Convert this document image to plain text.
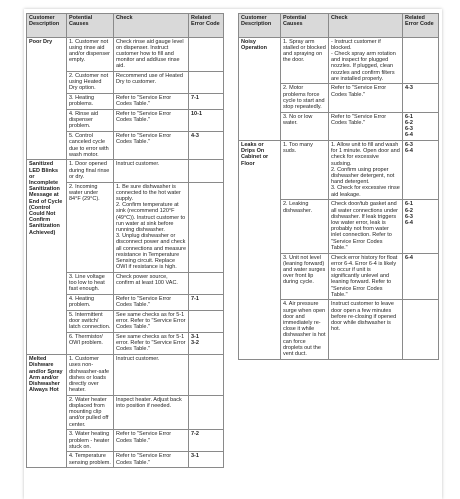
Customer Description	Potential Causes	Check	Related Error Code
Poor Dry	1. Customer not using rinse aid and/or dispenser empty.	Check rinse aid gauge level on dispenser. Instruct customer how to fill and monitor and add/use rinse aid.	
	2. Customer not using Heated Dry option.	Recommend use of Heated Dry to customer.	
	3. Heating problems.	Refer to "Service Error Codes Table."	7-1
	4. Rinse aid dispenser problem.	Refer to "Service Error Codes Table."	10-1
	5. Control canceled cycle due to error with wash motor.	Refer to "Service Error Codes Table."	4-3
Sanitized LED Blinks or Incomplete Sanitization Message at End of Cycle (Control Could Not Confirm Sanitization Achieved)	1. Door opened during final rinse or dry.	Instruct customer.	
	2. Incoming water under 84°F (29°C).	1. Be sure dishwasher is connected to the hot water supply.
2. Confirm temperature at sink (recommend 120°F (49°C)). Instruct customer to run water at sink before running dishwasher.
3. Unplug dishwasher or disconnect power and check all connections and measure resistance in Temperature Sensing circuit. Replace OWI if resistance is high.	
	3. Line voltage too low to heat fast enough.	Check power source, confirm at least 100 VAC.	
	4. Heating problem.	Refer to "Service Error Codes Table."	7-1
	5. Intermittent door switch/ latch connection.	See same checks as for 5-1 error. Refer to "Service Error Codes Table."	
	6. Thermistor/ OWI problem.	See same checks as for 5-1 error. Refer to "Service Error Codes Table."	3-1
3-2
Melted Dishware and/or Spray Arm and/or Dishwasher Always Hot	1. Customer uses non-dishwasher-safe dishes or loads directly over heater.	Instruct customer.	
	2. Water heater displaced from mounting clip and/or pulled off center.	Inspect heater. Adjust back into position if needed.	
	3. Water heating problem - heater stuck on.	Refer to "Service Error Codes Table."	7-2
	4. Temperature sensing problem.	Refer to "Service Error Codes Table."	3-1
Customer Description	Potential Causes	Check	Related Error Code
Noisy Operation	1. Spray arm stalled or blocked and spraying on the door.	- Instruct customer if blocked.
- Check spray arm rotation and inspect for plugged nozzles. If plugged, clean nozzles and confirm filters are installed properly.	
	2. Motor problems force cycle to start and stop repeatedly.	Refer to "Service Error Codes Table."	4-3
	3. No or low water.	Refer to "Service Error Codes Table."	6-1
6-2
6-3
6-4
Leaks or Drips On Cabinet or Floor	1. Too many suds.	1. Allow unit to fill and wash for 1 minute. Open door and check for excessive sudsing.
2. Confirm using proper dishwasher detergent, not hand detergent.
3. Check for excessive rinse aid leakage.	6-3
6-4
	2. Leaking dishwasher.	Check door/tub gasket and all water connections under dishwasher. If leak triggers low water error, leak is probably not from water inlet connection. Refer to "Service Error Codes Table."	6-1
6-2
6-3
6-4
	3. Unit not level (leaning forward) and water surges over front lip during cycle.	Check error history for float error 6-4. Error 6-4 is likely to occur if unit is significantly unlevel and leaning forward. Refer to "Service Error Codes Table."	6-4
	4. Air pressure surge when open door and immediately re-close it while dishwasher is hot can force droplets out the vent duct.	Instruct customer to leave door open a few minutes before re-closing if opened door while dishwasher is hot.	
